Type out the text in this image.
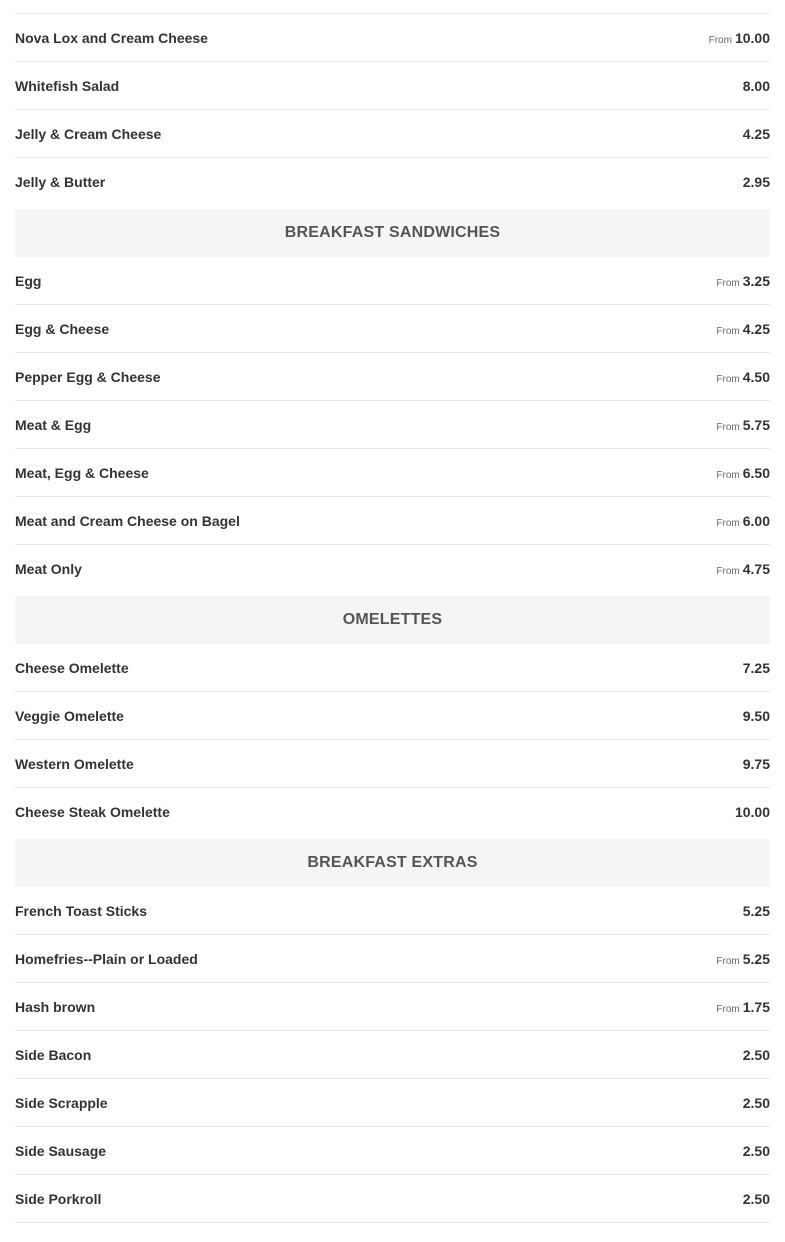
Nova Lox and Cream Cheese	From 10.00
Whitefish Salad	8.00
Jelly & Cream Cheese	4.25
Jelly & Butter	2.95
BREAKFAST SANDWICHES
Egg	From 3.25
Egg & Cheese	From 4.25
Pepper Egg & Cheese	From 4.50
Meat & Egg	From 5.75
Meat, Egg & Cheese	From 6.50
Meat and Cream Cheese on Bagel	From 6.00
Meat Only	From 4.75
OMELETTES
Cheese Omelette	7.25
Veggie Omelette	9.50
Western Omelette	9.75
Cheese Steak Omelette	10.00
BREAKFAST EXTRAS
French Toast Sticks	5.25
Homefries--Plain or Loaded	From 5.25
Hash brown	From 1.75
Side Bacon	2.50
Side Scrapple	2.50
Side Sausage	2.50
Side Porkroll	2.50
